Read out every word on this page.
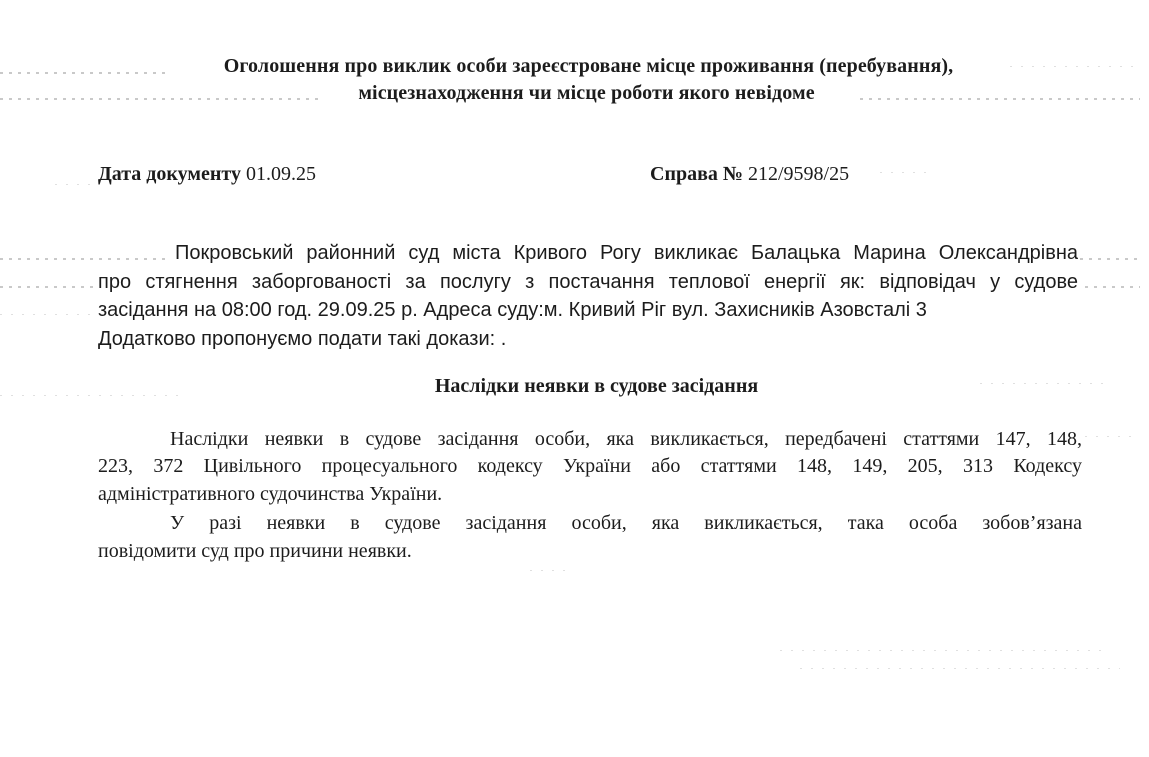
Оголошення про виклик особи зареєстроване місце проживання (перебування),
місцезнаходження чи місце роботи якого невідоме
Дата документу 01.09.25	Справа № 212/9598/25
Покровський районний суд міста Кривого Рогу викликає Балацька Марина Олександрівна
про стягнення заборгованості за послугу з постачання теплової енергії як: відповідач у судове
засідання на 08:00 год. 29.09.25 р. Адреса суду:м. Кривий Ріг вул. Захисників Азовсталі 3
Додатково пропонуємо подати такі докази: .
Наслідки неявки в судове засідання
Наслідки неявки в судове засідання особи, яка викликається, передбачені статтями 147, 148,
223, 372 Цивільного процесуального кодексу України або статтями 148, 149, 205, 313 Кодексу
адміністративного судочинства України.
У разі неявки в судове засідання особи, яка викликається, така особа зобов’язана
повідомити суд про причини неявки.
